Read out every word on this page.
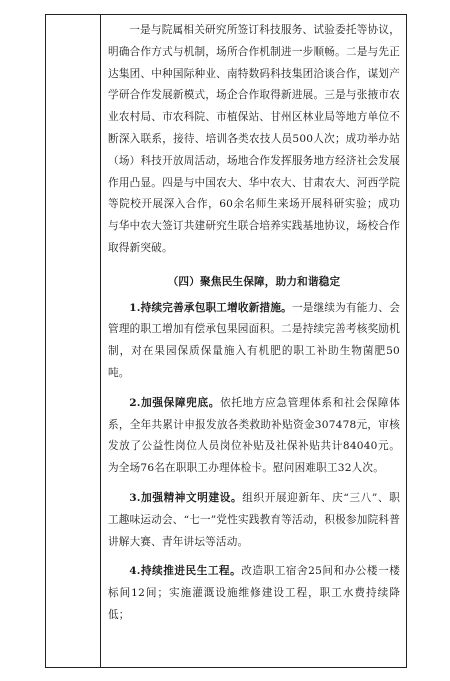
一是与院属相关研究所签订科技服务、试验委托等协议，明确合作方式与机制，场所合作机制进一步顺畅。二是与先正达集团、中种国际种业、南特数码科技集团洽谈合作，谋划产学研合作发展新模式，场企合作取得新进展。三是与张掖市农业农村局、市农科院、市植保站、甘州区林业局等地方单位不断深入联系，接待、培训各类农技人员500人次；成功举办站（场）科技开放周活动，场地合作发挥服务地方经济社会发展作用凸显。四是与中国农大、华中农大、甘肃农大、河西学院等院校开展深入合作，60余名师生来场开展科研实验；成功与华中农大签订共建研究生联合培养实践基地协议，场校合作取得新突破。

（四）聚焦民生保障，助力和谐稳定

1.持续完善承包职工增收新措施。一是继续为有能力、会管理的职工增加有偿承包果园面积。二是持续完善考核奖励机制，对在果园保质保量施入有机肥的职工补助生物菌肥50吨。

2.加强保障兜底。依托地方应急管理体系和社会保障体系，全年共累计申报发放各类救助补贴资金307478元，审核发放了公益性岗位人员岗位补贴及社保补贴共计84040元。为全场76名在职职工办理体检卡。慰问困难职工32人次。

3.加强精神文明建设。组织开展迎新年、庆“三八”、职工趣味运动会、“七一”党性实践教育等活动，积极参加院科普讲解大赛、青年讲坛等活动。

4.持续推进民生工程。改造职工宿舍25间和办公楼一楼标间12间；实施灌溉设施维修建设工程，职工水费持续降低；
